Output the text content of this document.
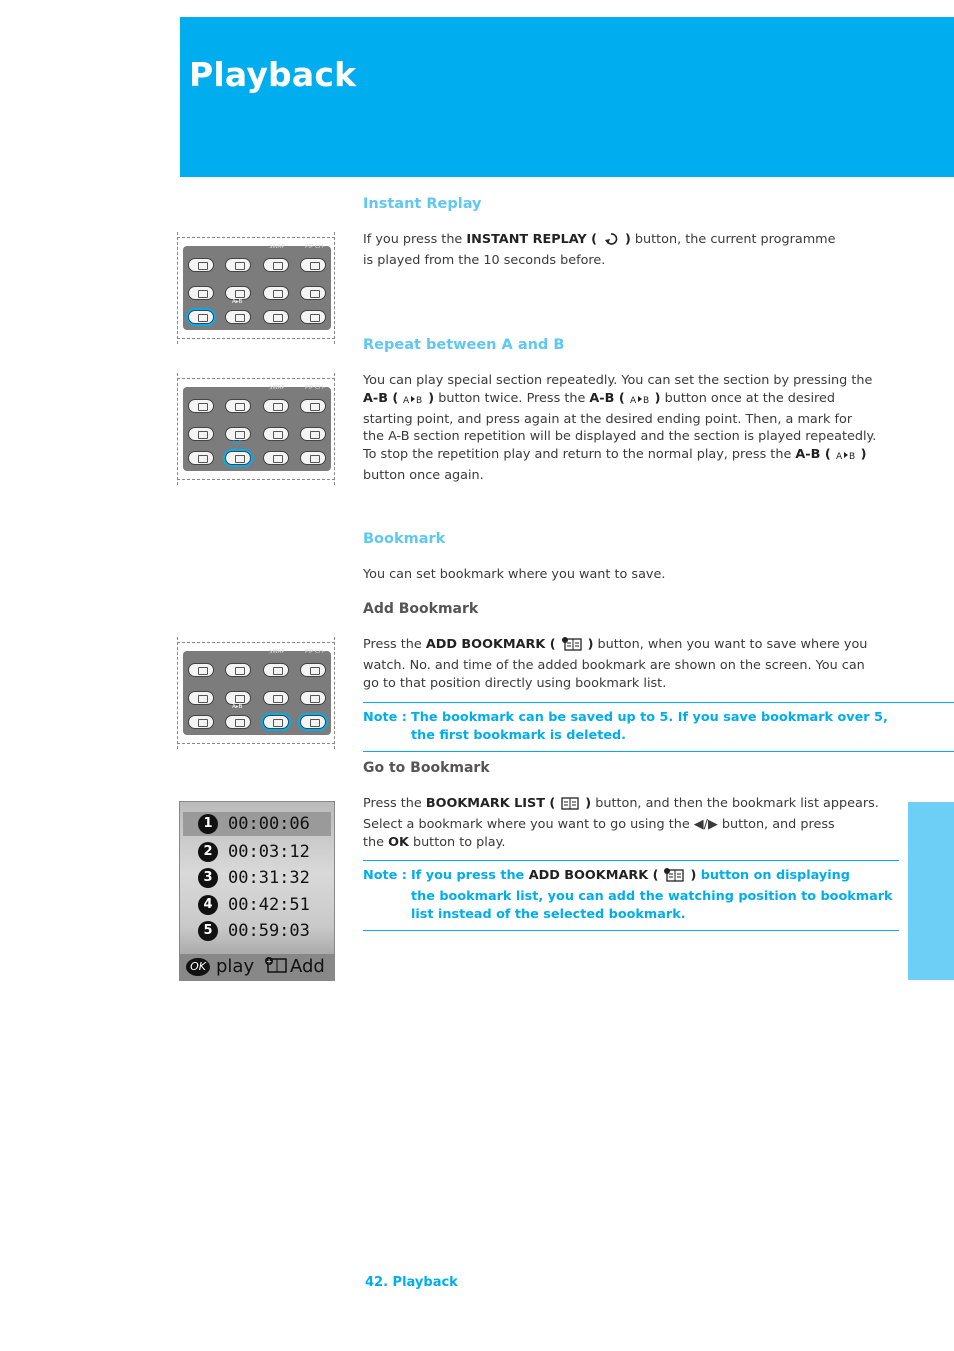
Playback
SWAP	PIP CH-
A▸B
SWAP	PIP CH-
A▸B
SWAP	PIP CH-
A▸B
1 00:00:06
2 00:03:12
3 00:31:32
4 00:42:51
5 00:59:03
OK play + Add
Instant Replay

If you press the INSTANT REPLAY ( ) button, the current programme
is played from the 10 seconds before.

Repeat between A and B

You can play special section repeatedly. You can set the section by pressing the
A-B ( A B ) button twice. Press the A-B ( A B ) button once at the desired
starting point, and press again at the desired ending point. Then, a mark for
the A-B section repetition will be displayed and the section is played repeatedly.
To stop the repetition play and return to the normal play, press the A-B ( A B )
button once again.

Bookmark

You can set bookmark where you want to save.

Add Bookmark

Press the ADD BOOKMARK (	) button, when you want to save where you
watch. No. and time of the added bookmark are shown on the screen. You can
go to that position directly using bookmark list.

Note : The bookmark can be saved up to 5. If you save bookmark over 5,
the first bookmark is deleted.
Go to Bookmark

Press the BOOKMARK LIST ( ) button, and then the bookmark list appears.
Select a bookmark where you want to go using the ◀/▶ button, and press
the OK button to play.

Note : If you press the ADD BOOKMARK (	) button on displaying
the bookmark list, you can add the watching position to bookmark
list instead of the selected bookmark.

42. Playback
